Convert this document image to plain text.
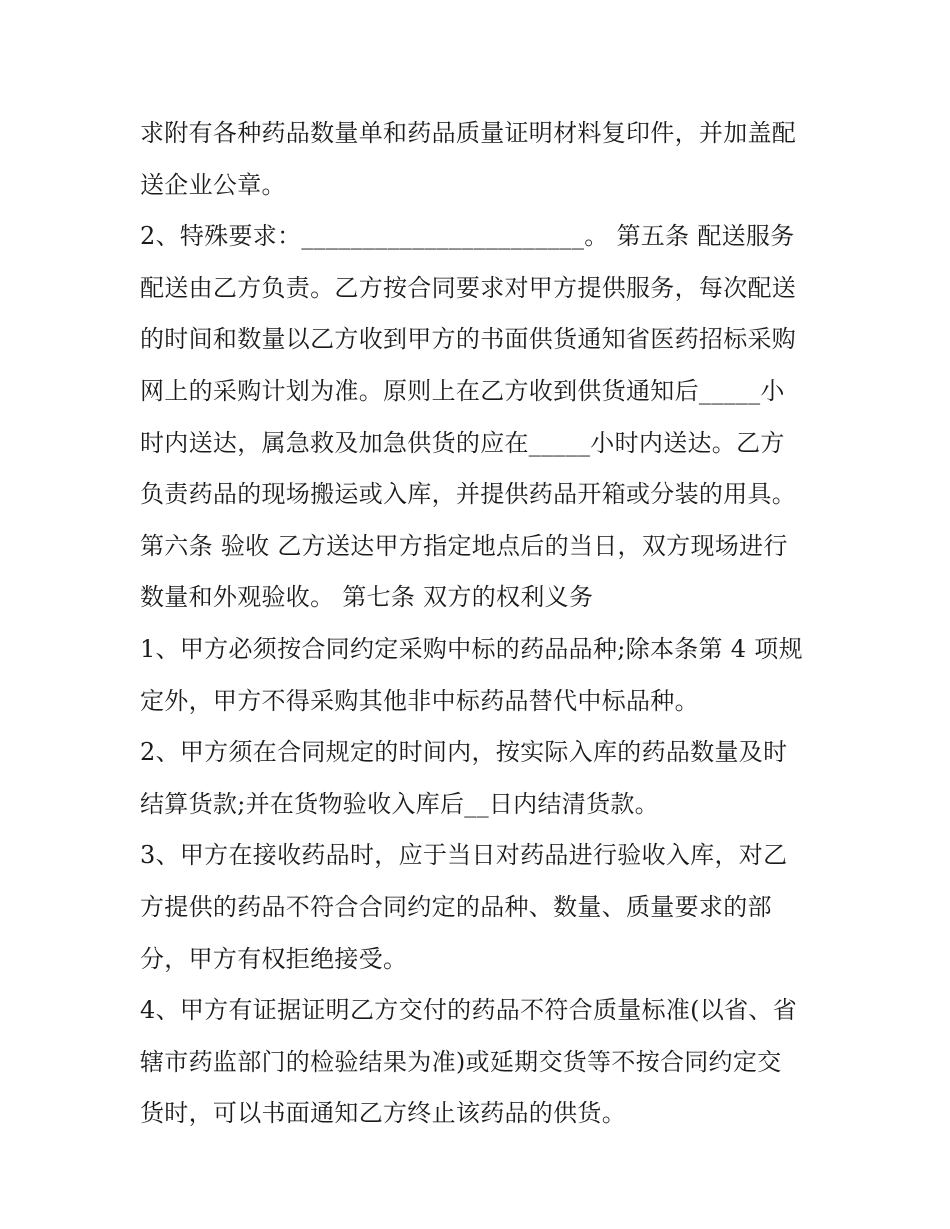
求附有各种药品数量单和药品质量证明材料复印件，并加盖配
送企业公章。
2、特殊要求：_______________________。 第五条 配送服务
配送由乙方负责。乙方按合同要求对甲方提供服务，每次配送
的时间和数量以乙方收到甲方的书面供货通知省医药招标采购
网上的采购计划为准。原则上在乙方收到供货通知后_____小
时内送达，属急救及加急供货的应在_____小时内送达。乙方
负责药品的现场搬运或入库，并提供药品开箱或分装的用具。
第六条 验收 乙方送达甲方指定地点后的当日，双方现场进行
数量和外观验收。 第七条 双方的权利义务
1、甲方必须按合同约定采购中标的药品品种;除本条第 4 项规
定外，甲方不得采购其他非中标药品替代中标品种。
2、甲方须在合同规定的时间内，按实际入库的药品数量及时
结算货款;并在货物验收入库后__日内结清货款。
3、甲方在接收药品时，应于当日对药品进行验收入库，对乙
方提供的药品不符合合同约定的品种、数量、质量要求的部
分，甲方有权拒绝接受。
4、甲方有证据证明乙方交付的药品不符合质量标准(以省、省
辖市药监部门的检验结果为准)或延期交货等不按合同约定交
货时，可以书面通知乙方终止该药品的供货。
